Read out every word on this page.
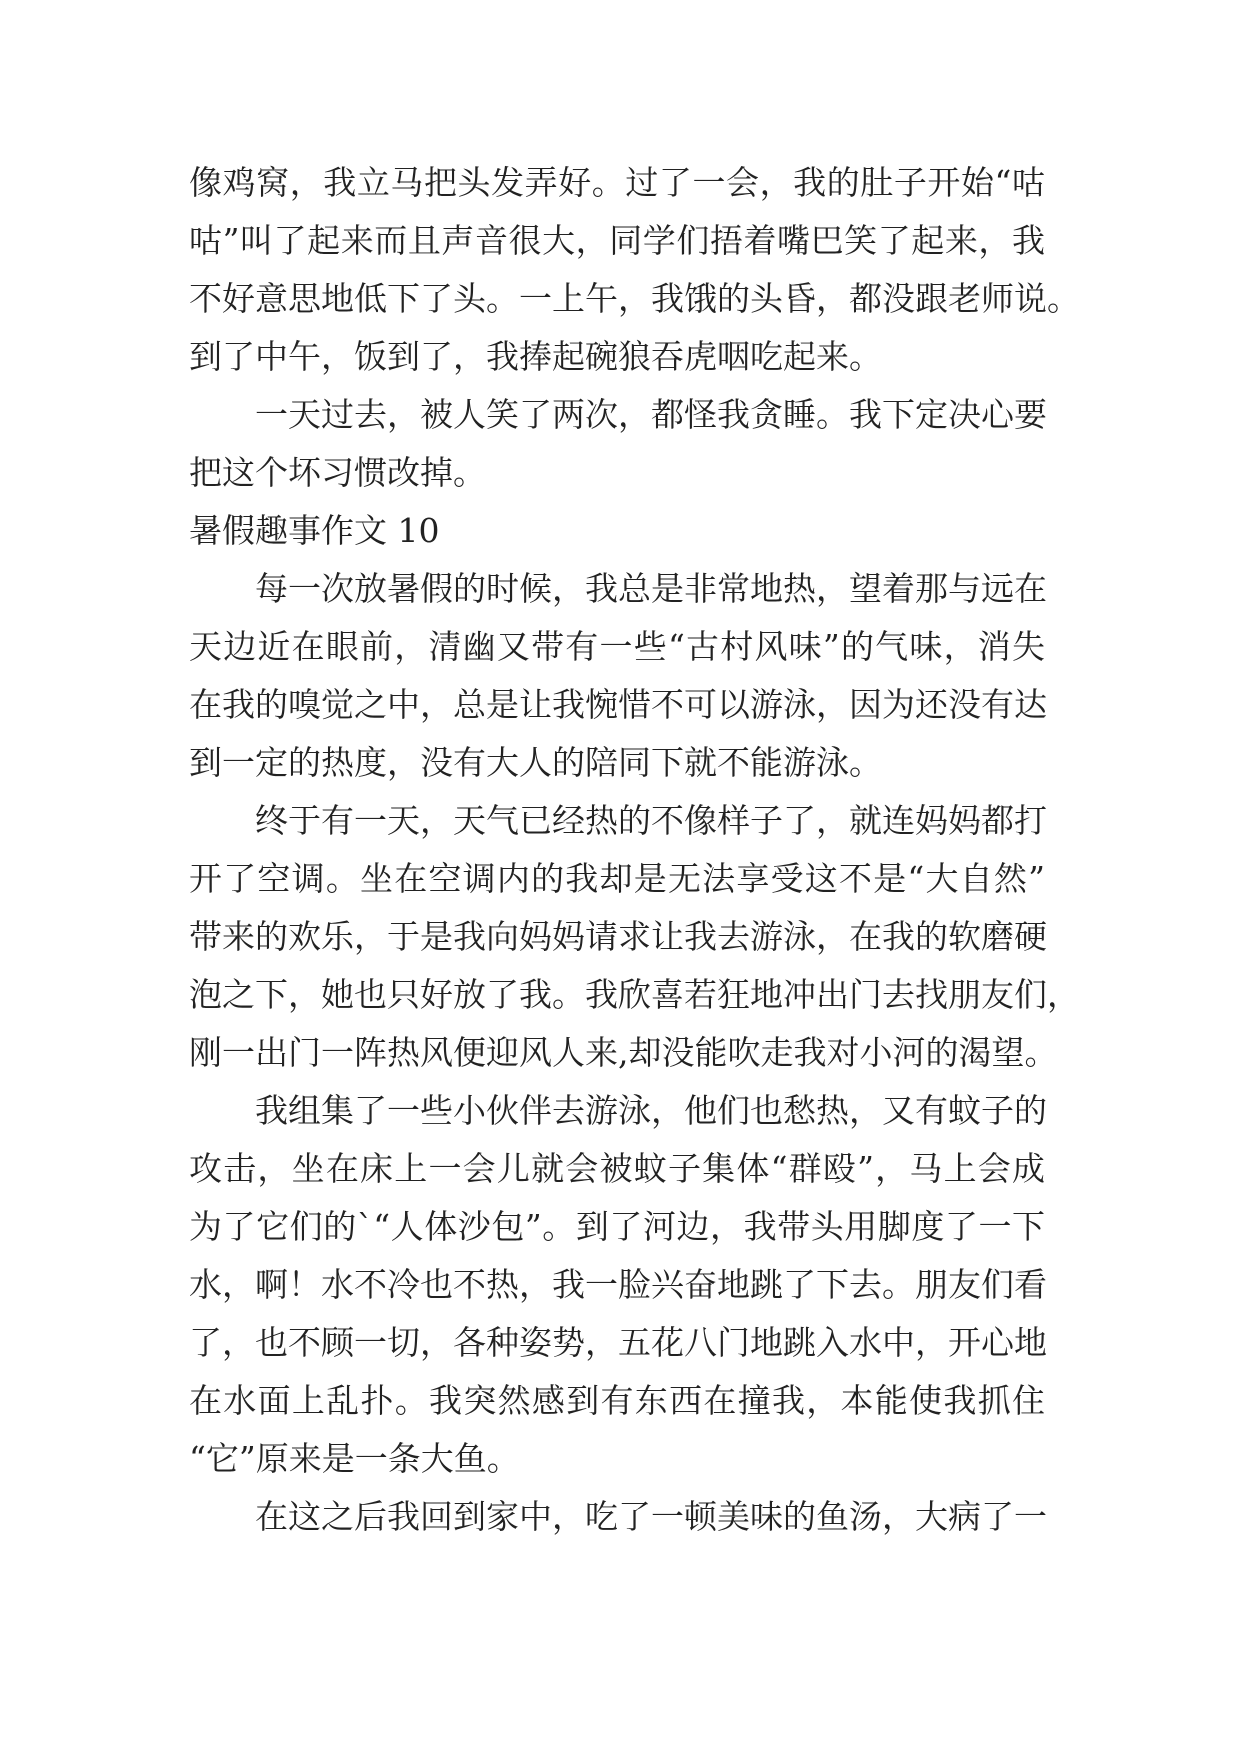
像鸡窝，我立马把头发弄好。过了一会，我的肚子开始“咕
咕”叫了起来而且声音很大，同学们捂着嘴巴笑了起来，我
不好意思地低下了头。一上午，我饿的头昏，都没跟老师说。
到了中午，饭到了，我捧起碗狼吞虎咽吃起来。
一天过去，被人笑了两次，都怪我贪睡。我下定决心要
把这个坏习惯改掉。
暑假趣事作文 10
每一次放暑假的时候，我总是非常地热，望着那与远在
天边近在眼前，清幽又带有一些“古村风味”的气味，消失
在我的嗅觉之中，总是让我惋惜不可以游泳，因为还没有达
到一定的热度，没有大人的陪同下就不能游泳。
终于有一天，天气已经热的不像样子了，就连妈妈都打
开了空调。坐在空调内的我却是无法享受这不是“大自然”
带来的欢乐，于是我向妈妈请求让我去游泳，在我的软磨硬
泡之下，她也只好放了我。我欣喜若狂地冲出门去找朋友们，
刚一出门一阵热风便迎风人来,却没能吹走我对小河的渴望。
我组集了一些小伙伴去游泳，他们也愁热，又有蚊子的
攻击，坐在床上一会儿就会被蚊子集体“群殴”，马上会成
为了它们的`“人体沙包”。到了河边，我带头用脚度了一下
水，啊！水不冷也不热，我一脸兴奋地跳了下去。朋友们看
了，也不顾一切，各种姿势，五花八门地跳入水中，开心地
在水面上乱扑。我突然感到有东西在撞我，本能使我抓住
“它”原来是一条大鱼。
在这之后我回到家中，吃了一顿美味的鱼汤，大病了一
